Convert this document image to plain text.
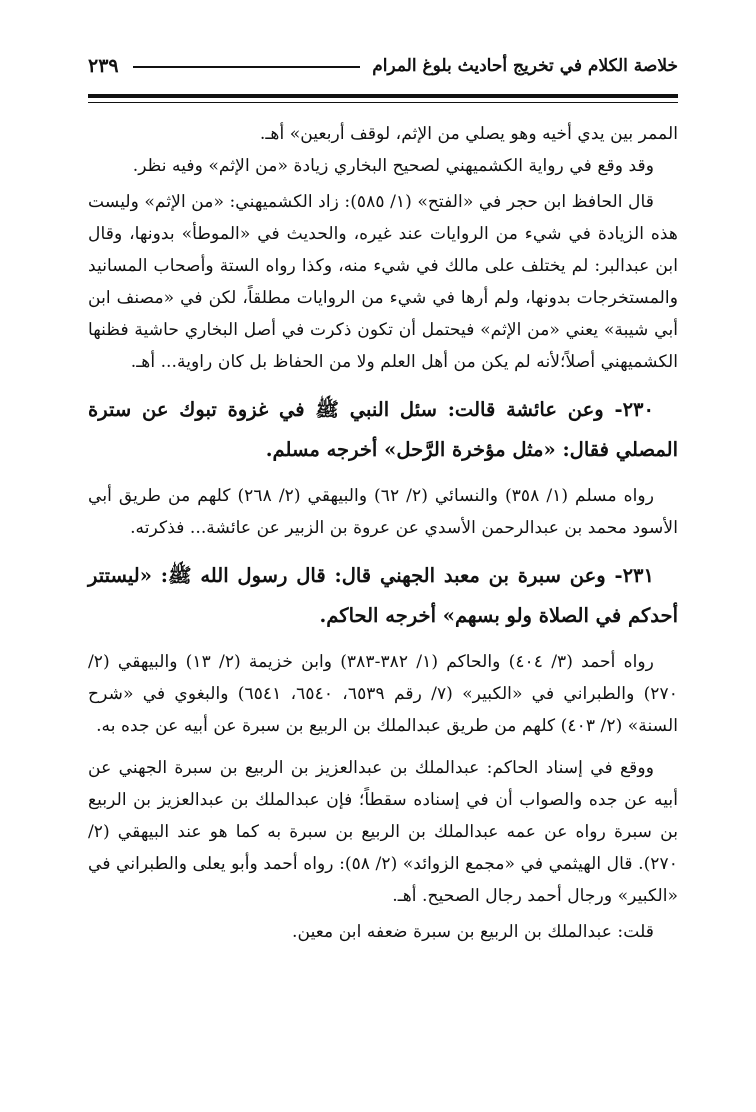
٢٣٩	خلاصة الكلام في تخريج أحاديث بلوغ المرام

الممر بين يدي أخيه وهو يصلي من الإثم، لوقف أربعين» أهـ.

وقد وقع في رواية الكشميهني لصحيح البخاري زيادة «من الإثم» وفيه نظر.

قال الحافظ ابن حجر في «الفتح» (١/ ٥٨٥): زاد الكشميهني: «من الإثم» وليست هذه الزيادة في شيء من الروايات عند غيره، والحديث في «الموطأ» بدونها، وقال ابن عبدالبر: لم يختلف على مالك في شيء منه، وكذا رواه الستة وأصحاب المسانيد والمستخرجات بدونها، ولم أرها في شيء من الروايات مطلقاً، لكن في «مصنف ابن أبي شيبة» يعني «من الإثم» فيحتمل أن تكون ذكرت في أصل البخاري حاشية فظنها الكشميهني أصلاً؛لأنه لم يكن من أهل العلم ولا من الحفاظ بل كان راوية... أهـ.

٢٣٠- وعن عائشة قالت: سئل النبي ﷺ في غزوة تبوك عن سترة المصلي فقال: «مثل مؤخرة الرَّحل» أخرجه مسلم.

رواه مسلم (١/ ٣٥٨) والنسائي (٢/ ٦٢) والبيهقي (٢/ ٢٦٨) كلهم من طريق أبي الأسود محمد بن عبدالرحمن الأسدي عن عروة بن الزبير عن عائشة... فذكرته.

٢٣١- وعن سبرة بن معبد الجهني قال: قال رسول الله ﷺ: «ليستتر أحدكم في الصلاة ولو بسهم» أخرجه الحاكم.

رواه أحمد (٣/ ٤٠٤) والحاكم (١/ ٣٨٢-٣٨٣) وابن خزيمة (٢/ ١٣) والبيهقي (٢/ ٢٧٠) والطبراني في «الكبير» (٧/ رقم ٦٥٣٩، ٦٥٤٠، ٦٥٤١) والبغوي في «شرح السنة» (٢/ ٤٠٣) كلهم من طريق عبدالملك بن الربيع بن سبرة عن أبيه عن جده به.

ووقع في إسناد الحاكم: عبدالملك بن عبدالعزيز بن الربيع بن سبرة الجهني عن أبيه عن جده والصواب أن في إسناده سقطاً؛ فإن عبدالملك بن عبدالعزيز بن الربيع بن سبرة رواه عن عمه عبدالملك بن الربيع بن سبرة به كما هو عند البيهقي (٢/ ٢٧٠). قال الهيثمي في «مجمع الزوائد» (٢/ ٥٨): رواه أحمد وأبو يعلى والطبراني في «الكبير» ورجال أحمد رجال الصحيح. أهـ.

قلت: عبدالملك بن الربيع بن سبرة ضعفه ابن معين.
